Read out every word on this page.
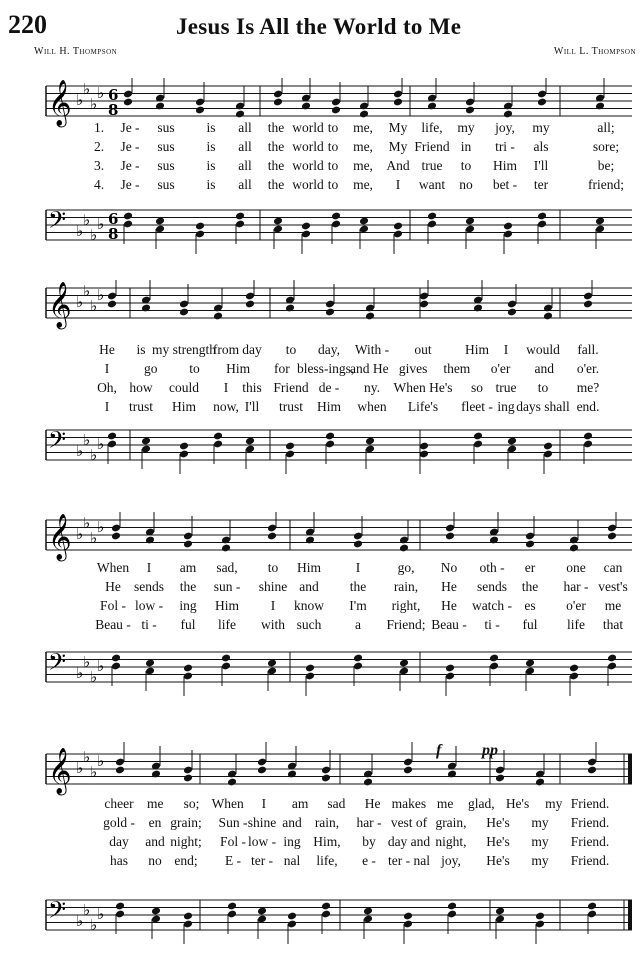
220	Jesus Is All the World to Me
Will H. Thompson	Will L. Thompson
𝄞 ♭
♭
♭
♭ 6
8
1. Je - sus is all the world to me, My life, my joy, my	all;
2. Je - sus is all the world to me, My Friend in tri - als	sore;
3. Je - sus is all the world to me, And true to Him I'll	be;
4. Je - sus is all the world to me, I want no bet - ter	friend;
𝄢 ♭
♭
♭
♭ 6
8
𝄞 ♭
♭
♭
♭
He is my strength
from day to day, With - out Him I would fall.
I	go to Him for bless-ings,
and He gives them o'er and o'er.
Oh, how could I this Friend de - ny. When He's so true to me?
I trust Him now, I'll trust Him when Life's fleet - ing days shall end.
𝄢 ♭
♭
♭
♭
𝄞 ♭
♭
♭
♭
When I am sad, to Him	I	go, No oth - er one can
He sends the sun - shine and the rain, He sends the har - vest's
Fol - low - ing Him I know I'm right, He watch - es o'er me
Beau - ti - ful life with such a Friend; Beau - ti - ful life that
𝄢 ♭
♭
♭
♭
f	pp
𝄞 ♭
♭
♭
♭
cheer me so; When I am sad He makes me glad, He's my Friend.
gold - en grain; Sun - shine and rain, har - vest of grain, He's my Friend.
day and night; Fol - low - ing Him, by day and night, He's my Friend.
has no end; E - ter - nal life, e - ter - nal joy, He's my Friend.
𝄢 ♭
♭
♭
♭
